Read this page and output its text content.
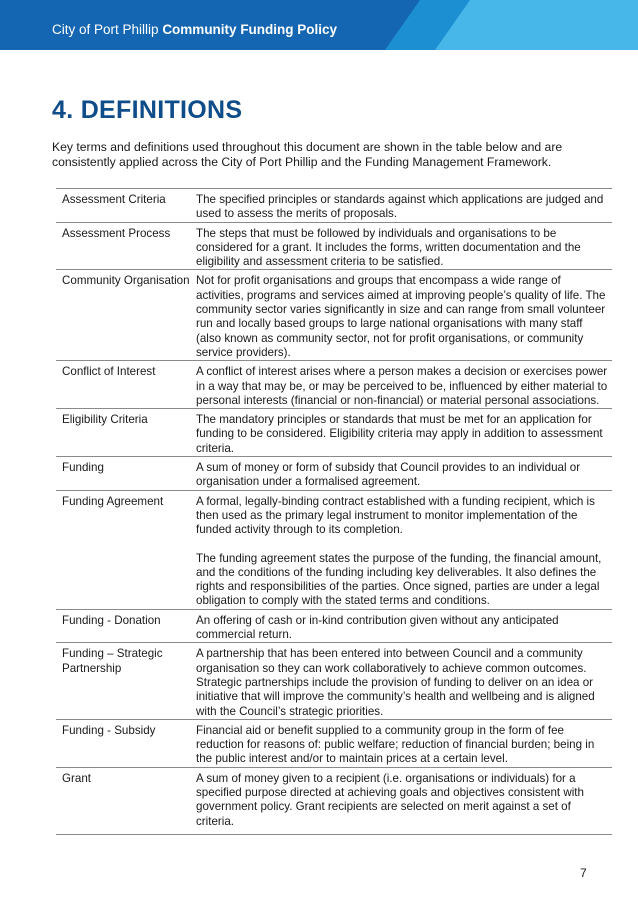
City of Port Phillip Community Funding Policy
4. DEFINITIONS

Key terms and definitions used throughout this document are shown in the table below and are consistently applied across the City of Port Phillip and the Funding Management Framework.

Assessment Criteria	The specified principles or standards against which applications are judged and used to assess the merits of proposals.

Assessment Process	The steps that must be followed by individuals and organisations to be considered for a grant. It includes the forms, written documentation and the eligibility and assessment criteria to be satisfied.

Community Organisation	Not for profit organisations and groups that encompass a wide range of activities, programs and services aimed at improving people’s quality of life. The community sector varies significantly in size and can range from small volunteer run and locally based groups to large national organisations with many staff (also known as community sector, not for profit organisations, or community service providers).

Conflict of Interest	A conflict of interest arises where a person makes a decision or exercises power in a way that may be, or may be perceived to be, influenced by either material to personal interests (financial or non-financial) or material personal associations.

Eligibility Criteria	The mandatory principles or standards that must be met for an application for funding to be considered. Eligibility criteria may apply in addition to assessment criteria.

Funding	A sum of money or form of subsidy that Council provides to an individual or organisation under a formalised agreement.

Funding Agreement	A formal, legally-binding contract established with a funding recipient, which is then used as the primary legal instrument to monitor implementation of the funded activity through to its completion.
The funding agreement states the purpose of the funding, the financial amount, and the conditions of the funding including key deliverables. It also defines the rights and responsibilities of the parties. Once signed, parties are under a legal obligation to comply with the stated terms and conditions.

Funding - Donation	An offering of cash or in-kind contribution given without any anticipated commercial return.

Funding – Strategic Partnership	A partnership that has been entered into between Council and a community organisation so they can work collaboratively to achieve common outcomes. Strategic partnerships include the provision of funding to deliver on an idea or initiative that will improve the community’s health and wellbeing and is aligned with the Council’s strategic priorities.

Funding - Subsidy	Financial aid or benefit supplied to a community group in the form of fee reduction for reasons of: public welfare; reduction of financial burden; being in the public interest and/or to maintain prices at a certain level.

Grant	A sum of money given to a recipient (i.e. organisations or individuals) for a specified purpose directed at achieving goals and objectives consistent with government policy. Grant recipients are selected on merit against a set of criteria.
7
